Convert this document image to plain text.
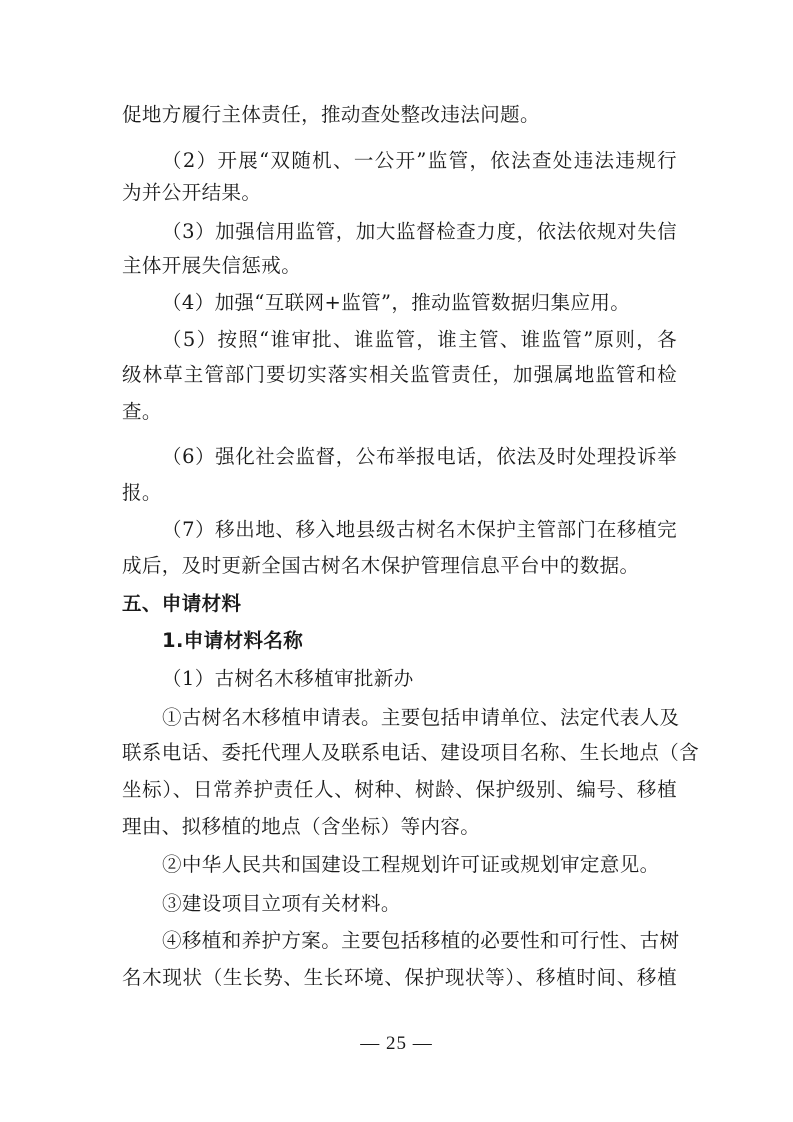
促地方履行主体责任，推动查处整改违法问题。
（2）开展“双随机、一公开”监管，依法查处违法违规行
为并公开结果。
（3）加强信用监管，加大监督检查力度，依法依规对失信
主体开展失信惩戒。
（4）加强“互联网+监管”，推动监管数据归集应用。
（5）按照“谁审批、谁监管，谁主管、谁监管”原则，各
级林草主管部门要切实落实相关监管责任，加强属地监管和检
查。
（6）强化社会监督，公布举报电话，依法及时处理投诉举
报。
（7）移出地、移入地县级古树名木保护主管部门在移植完
成后，及时更新全国古树名木保护管理信息平台中的数据。
五、申请材料
1.申请材料名称
（1）古树名木移植审批新办
①古树名木移植申请表。主要包括申请单位、法定代表人及
联系电话、委托代理人及联系电话、建设项目名称、生长地点（含
坐标）、日常养护责任人、树种、树龄、保护级别、编号、移植
理由、拟移植的地点（含坐标）等内容。
②中华人民共和国建设工程规划许可证或规划审定意见。
③建设项目立项有关材料。
④移植和养护方案。主要包括移植的必要性和可行性、古树
名木现状（生长势、生长环境、保护现状等）、移植时间、移植
— 25 —
